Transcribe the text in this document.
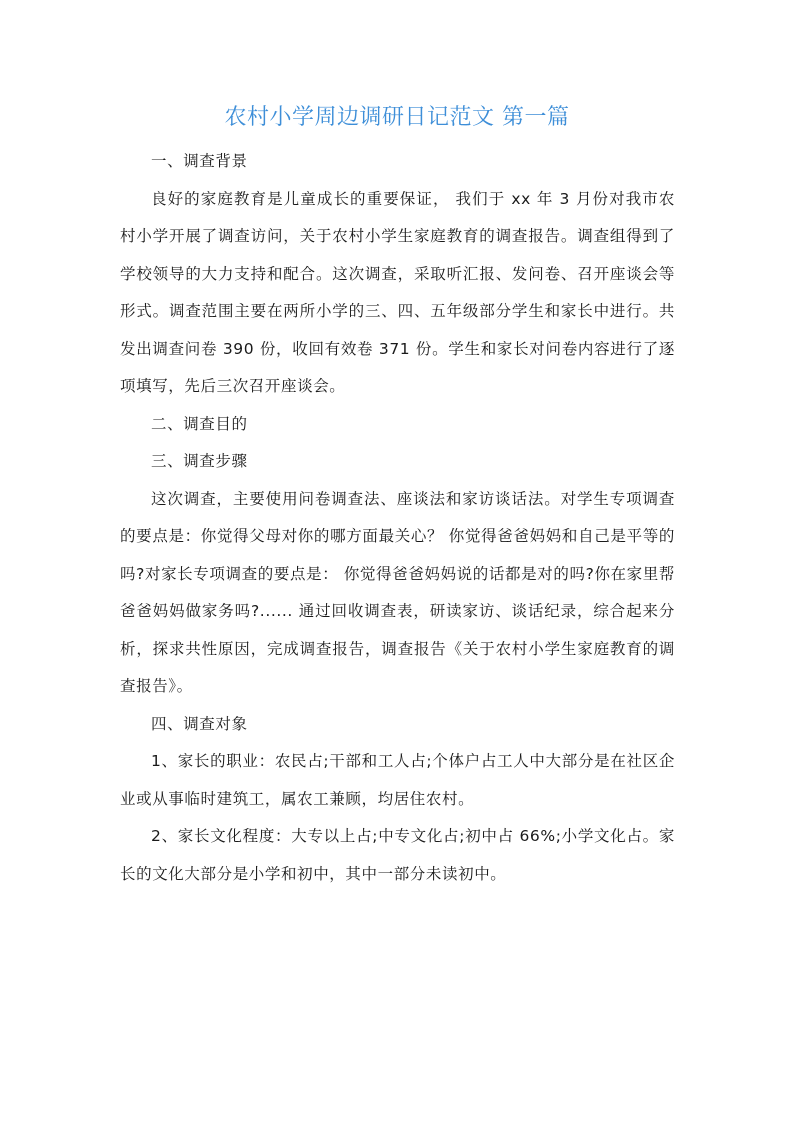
农村小学周边调研日记范文 第一篇

一、调查背景

良好的家庭教育是儿童成长的重要保证， 我们于 xx 年 3 月份对我市农村小学开展了调查访问，关于农村小学生家庭教育的调查报告。调查组得到了学校领导的大力支持和配合。这次调查，采取听汇报、发问卷、召开座谈会等形式。调查范围主要在两所小学的三、四、五年级部分学生和家长中进行。共发出调查问卷 390 份，收回有效卷 371 份。学生和家长对问卷内容进行了逐项填写，先后三次召开座谈会。

二、调查目的

三、调查步骤

这次调查，主要使用问卷调查法、座谈法和家访谈话法。对学生专项调查的要点是：你觉得父母对你的哪方面最关心？ 你觉得爸爸妈妈和自己是平等的吗?对家长专项调查的要点是： 你觉得爸爸妈妈说的话都是对的吗?你在家里帮爸爸妈妈做家务吗?...... 通过回收调查表，研读家访、谈话纪录，综合起来分析，探求共性原因，完成调查报告，调查报告《关于农村小学生家庭教育的调查报告》。

四、调查对象

1、家长的职业：农民占;干部和工人占;个体户占工人中大部分是在社区企业或从事临时建筑工，属农工兼顾，均居住农村。

2、家长文化程度：大专以上占;中专文化占;初中占 66%;小学文化占。家长的文化大部分是小学和初中，其中一部分未读初中。
